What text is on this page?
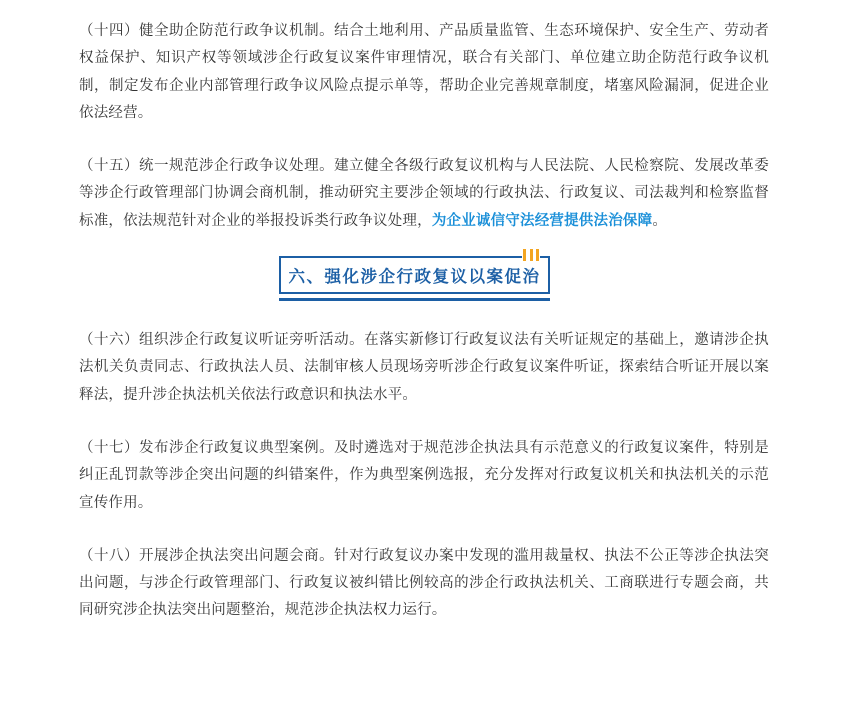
（十四）健全助企防范行政争议机制。结合土地利用、产品质量监管、生态环境保护、安全生产、劳动者权益保护、知识产权等领域涉企行政复议案件审理情况，联合有关部门、单位建立助企防范行政争议机制，制定发布企业内部管理行政争议风险点提示单等，帮助企业完善规章制度，堵塞风险漏洞，促进企业依法经营。

（十五）统一规范涉企行政争议处理。建立健全各级行政复议机构与人民法院、人民检察院、发展改革委等涉企行政管理部门协调会商机制，推动研究主要涉企领域的行政执法、行政复议、司法裁判和检察监督标准，依法规范针对企业的举报投诉类行政争议处理，为企业诚信守法经营提供法治保障。

六、强化涉企行政复议以案促治

（十六）组织涉企行政复议听证旁听活动。在落实新修订行政复议法有关听证规定的基础上，邀请涉企执法机关负责同志、行政执法人员、法制审核人员现场旁听涉企行政复议案件听证，探索结合听证开展以案释法，提升涉企执法机关依法行政意识和执法水平。

（十七）发布涉企行政复议典型案例。及时遴选对于规范涉企执法具有示范意义的行政复议案件，特别是纠正乱罚款等涉企突出问题的纠错案件，作为典型案例选报，充分发挥对行政复议机关和执法机关的示范宣传作用。

（十八）开展涉企执法突出问题会商。针对行政复议办案中发现的滥用裁量权、执法不公正等涉企执法突出问题，与涉企行政管理部门、行政复议被纠错比例较高的涉企行政执法机关、工商联进行专题会商，共同研究涉企执法突出问题整治，规范涉企执法权力运行。
